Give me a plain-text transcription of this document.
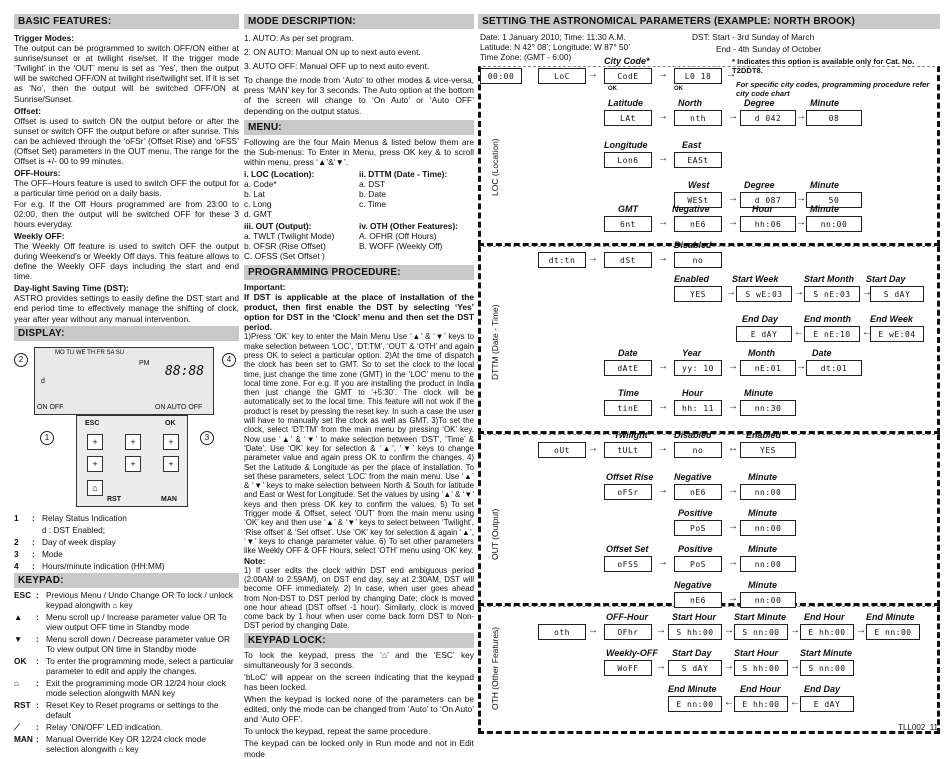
BASIC FEATURES:
Trigger Modes:
The output can be programmed to switch OFF/ON either at sunrise/sunset or at twilight rise/set. If the trigger mode ‘Twilight’ in the ‘OUT’ menu is set as ‘Yes’, then the output will be switched OFF/ON at twilight rise/twilight set. If it is set as ‘No’, then the output will be switched OFF/ON at Sunrise/Sunset.
Offset:
Offset is used to switch ON the output before or after the sunset or switch OFF the output before or after sunrise. This can be achieved through the ‘oFSr’ (Offset Rise) and ‘oFSS’ (Offset Set) parameters in the OUT menu. The range for the Offset is +/- 00 to 99 minutes.
OFF-Hours:
The OFF–Hours feature is used to switch OFF the output for a particular time period on a daily basis.
For e.g. If the Off Hours programmed are from 23:00 to 02:00, then the output will be switched OFF for these 3 hours everyday.
Weekly OFF:
The Weekly Off feature is used to switch OFF the output during Weekend’s or Weekly Off days. This feature allows to define the Weekly OFF days including the start and end time.
Day-light Saving Time (DST):
ASTRO provides settings to easily define the DST start and end period time to effectively manage the shifting of clock, year after year without any manual intervention.
DISPLAY:
MO TU WE TH FR SA SU
PM
88:88
d
ON OFF	ON AUTO OFF
2	4
1	3
ESC	OK
+	+	+
+	+	+
⌂
RST	MAN
1	: Relay Status Indication
d : DST Enabled;
2	: Day of week display
3	: Mode
4	: Hours/minute indication (HH:MM)
KEYPAD:
ESC : Previous Menu / Undo Change OR To lock / unlock keypad alongwith ⌂ key
▲	: Menu scroll up / Increase parameter value OR To view output OFF time in Standby mode
▼	: Menu scroll down / Decrease parameter value OR To view output ON time in Standby mode
OK	: To enter the programming mode, select a particular parameter to edit and apply the changes.
⌂	: Exit the programming mode OR 12/24 hour clock mode selection alongwith MAN key
RST : Reset Key to Reset programs or settings to the default
⟋	: Relay ‘ON/OFF’ LED indication.
MAN : Manual Override Key OR 12/24 clock mode selection alongwith ⌂ key
MODE DESCRIPTION:
1. AUTO: As per set program.
2. ON AUTO: Manual ON up to next auto event.
3. AUTO OFF: Manual OFF up to next auto event.
To change the mode from ‘Auto’ to other modes & vice-versa, press ‘MAN’ key for 3 seconds. The Auto option at the bottom of the screen will change to ‘On Auto’ or ‘Auto OFF’ depending on the output status.
MENU:
Following are the four Main Menus & listed below them are the Sub-menus: To Enter in Menu, press OK key & to scroll within menu, press ‘▲’&‘▼’.
i. LOC (Location):
a. Code*
b. Lat
c. Long
d. GMT
ii. DTTM (Date - Time):
a. DST
b. Date
c. Time
iii. OUT (Output):
a. TWLT (Twilight Mode)
b. OFSR (Rise Offset)
C. OFSS (Set Offset )
iv. OTH (Other Features):
A. OFHR (Off Hours)
B. WOFF (Weekly Off)
PROGRAMMING PROCEDURE:
Important:
If DST is applicable at the place of installation of the product, then first enable the DST by selecting ‘Yes’ option for DST in the ‘Clock’ menu and then set the DST period.
1)Press ‘OK’ key to enter the Main Menu Use ‘▲’ & ‘▼’ keys to make selection between ‘LOC’, ‘DT:TM’, ‘OUT’ & ‘OTH’ and again press OK to select a particular option. 2)At the time of dispatch the clock has been set to GMT. So to set the clock to the local time, just change the time zone (GMT) in the ‘LOC’ menu to the local time zone. For e.g. If you are installing the product in India then just change the GMT to ‘+5:30’. The clock will be automatically set to the local time. This feature will not wok if the product is reset by pressing the reset key. In such a case the user will have to manually set the clock as well as GMT. 3)To set the clock, select ‘DT:TM’ from the main menu by pressing ‘OK’ key. Now use ‘▲’ & ‘▼’ to make selection between ‘DST’, ‘Time’ & ‘Date’. Use ‘OK’ key for selection & ‘▲’, ‘▼’ keys to change parameter value and again press OK to confirm the changes. 4) Set the Latitude & Longitude as per the place of installation. To set these parameters, select ‘LOC’ from the main menu. Use ‘▲’ & ‘▼’ keys to make selection between North & South for latitude and East or West for Longitude. Set the values by using ‘▲’ & ‘▼’ keys and then press OK key to confirm the values. 5) To set Trigger mode & Offset, select ‘OUT’ from the main menu using ‘OK’ key and then use ‘▲’ & ‘▼’ keys to select between ‘Twilight’, ‘Rise offset’ & ‘Set offset’. Use ‘OK’ key for selection & again ‘▲’, ‘▼’ keys to change parameter value. 6) To set other parameters like Weekly OFF & OFF Hours, select ‘OTH’ menu using ‘OK’ key.
Note:
1) If user edits the clock within DST end ambiguous period (2:00AM to 2:59AM), on DST end day, say at 2:30AM, DST will become OFF immediately. 2) In case, when user goes ahead from Non-DST to DST period by changing Date; clock is moved one hour ahead (DST offset -1 hour). Similarly, clock is moved come back by 1 hour when user come back form DST to Non-DST period by changing Date.
KEYPAD LOCK:
To lock the keypad, press the ‘⌂’ and the ‘ESC’ key simultaneously for 3 seconds.
‘bLoC’ will appear on the screen indicating that the keypad has been locked.
When the keypad is locked none of the parameters can be edited, only the mode can be changed from ‘Auto’ to ‘On Auto’ and ‘Auto OFF’.
To unlock the keypad, repeat the same procedure.
The keypad can be locked only in Run mode and not in Edit mode
SETTING THE ASTRONOMICAL PARAMETERS (EXAMPLE: NORTH BROOK)
Date: 1 January 2010; Time: 11:30 A.M.
Latitude: N 42° 08’; Longitude: W 87° 50’
Time Zone: (GMT - 6:00)
DST: Start - 3rd Sunday of March
End - 4th Sunday of October
* Indicates this option is available only for Cat. No. T2DDT8.
For specific city codes, programming procedure refer city code chart
LOC (Location)
DTTM (Date - Time)
OUT (Output)
OTH (Other Features)
00:00	LoC
City Code*
CodE	L0 18
→
→	→
OK	OK
Latitude
LAt
North
nth
Degree
d 042
Minute
08
→	→	→
Longitude
Lon6
East
EASt
West
WESt
Degree
d 087
Minute
50
→
→	→
GMT
6nt
Negative
nE6
Hour
hh:06
Minute
nn:00
→	→	→
dt:tn	dSt
Disabled
no
→	→
Enabled
YES
Start Week
S wE:03
Start Month
S nE:03
Start Day
S dAY
→	→	→
End Day
E dAY
End month
E nE:10
End Week
E wE:04
←	←
Date
dAtE
Year
yy: 10
Month
nE:01
Date
dt:01
→	→	→
Time
tinE
Hour
hh: 11
Minute
nn:30
→	→
oUt
Twilight
tULt
Disabled
no
Enabled
YES
→	→	↔
Offset Rise
oFSr
Negative
nE6
Minute
nn:00
→	→
Positive
PoS
Minute
nn:00
→
Offset Set
oFSS
Positive
PoS
Minute
nn:00
→	→
Negative
nE6
Minute
nn:00
→
oth
OFF-Hour
OFhr
Start Hour
S hh:00
Start Minute
S nn:00
End Hour
E hh:00
End Minute
E nn:00
→	→	→	→	→
Weekly-OFF
WoFF
Start Day
S dAY
Start Hour
S hh:00
Start Minute
S nn:00
→	→	→
End Minute
E nn:00
End Hour
E hh:00
End Day
E dAY
←	←
TLL002_11
